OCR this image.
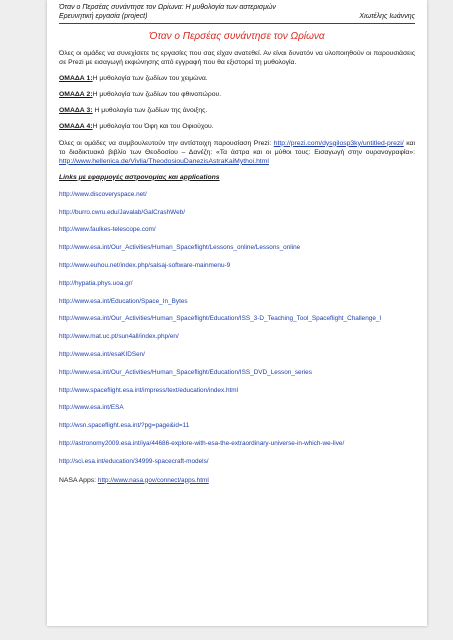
Όταν ο Περσέας συνάντησε τον Ωρίωνα: Η μυθολογία των αστερισμών
Ερευνητική εργασία (project)	Χιωτέλης Ιωάννης
Όταν ο Περσέας συνάντησε τον Ωρίωνα

Όλες οι ομάδες να συνεχίσετε τις εργασίες που σας είχαν ανατεθεί. Αν είναι δυνατόν να υλοποιηθούν οι παρουσιάσεις σε Prezi με εισαγωγή εκφώνησης από εγγραφή που θα εξιστορεί τη μυθολογία.

ΟΜΑΔΑ 1:Η μυθολογία των ζωδίων του χειμώνα.

ΟΜΑΔΑ 2:Η μυθολογία των ζωδίων του φθινοπώρου.

ΟΜΑΔΑ 3: Η μυθολογία των ζωδίων της άνοιξης.

ΟΜΑΔΑ 4:Η μυθολογία του Όφη και του Οφιούχου.

Όλες οι ομάδες να συμβουλευτούν την αντίστοιχη παρουσίαση Prezi: http://prezi.com/dysgilosp3ky/untitled-prezi/ και το διαδικτυακό βιβλίο των Θεοδοσίου – Δανέζη: «Τα άστρα και οι μύθοι τους: Εισαγωγή στην ουρανογραφία»: http://www.hellenica.de/Vivlia/TheodosiouDanezisAstraKaiMythoi.html

Links με εφαρμογές αστρονομίας και applications
http://www.discoveryspace.net/
http://burro.cwru.edu/Javalab/GalCrashWeb/
http://www.faulkes-telescope.com/
http://www.esa.int/Our_Activities/Human_Spaceflight/Lessons_online/Lessons_online
http://www.euhou.net/index.php/salsaj-software-mainmenu-9
http://hypatia.phys.uoa.gr/
http://www.esa.int/Education/Space_In_Bytes
http://www.esa.int/Our_Activities/Human_Spaceflight/Education/ISS_3-D_Teaching_Tool_Spaceflight_Challenge_I
http://www.mat.uc.pt/sun4all/index.php/en/
http://www.esa.int/esaKIDSen/
http://www.esa.int/Our_Activities/Human_Spaceflight/Education/ISS_DVD_Lesson_series
http://www.spaceflight.esa.int/impress/text/education/index.html
http://www.esa.int/ESA
http://wsn.spaceflight.esa.int/?pg=page&id=11
http://astronomy2009.esa.int/iya/44686-explore-with-esa-the-extraordinary-universe-in-which-we-live/
http://sci.esa.int/education/34999-spacecraft-models/
NASA Apps: http://www.nasa.gov/connect/apps.html
